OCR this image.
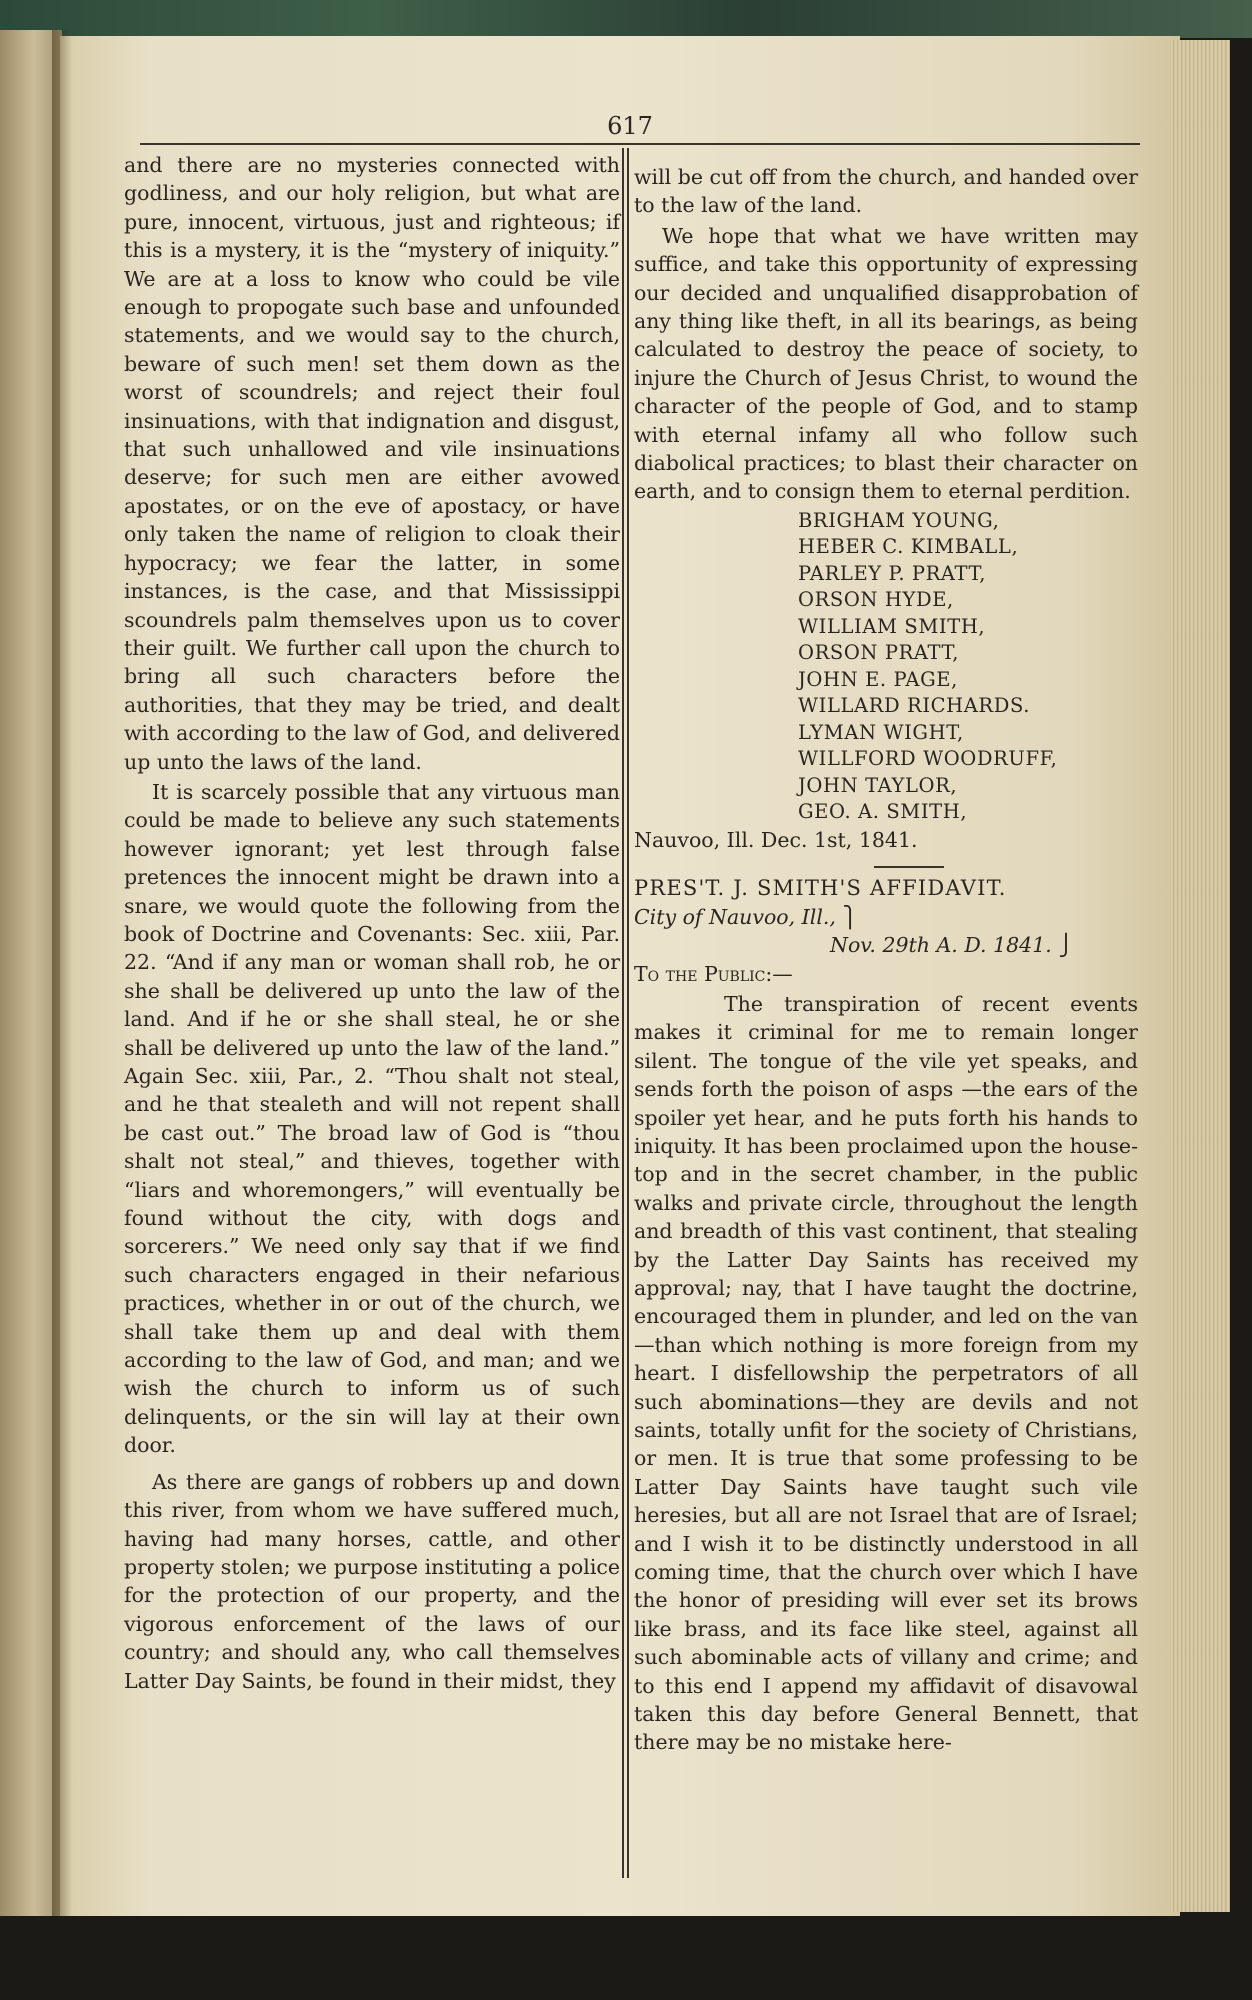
617

and there are no mysteries connected with godliness, and our holy religion, but what are pure, innocent, virtuous, just and righteous; if this is a mystery, it is the “mystery of iniquity.” We are at a loss to know who could be vile enough to propogate such base and unfounded statements, and we would say to the church, beware of such men! set them down as the worst of scoundrels; and reject their foul insinuations, with that indignation and disgust, that such unhallowed and vile insinuations deserve; for such men are either avowed apostates, or on the eve of apostacy, or have only taken the name of religion to cloak their hypocracy; we fear the latter, in some instances, is the case, and that Mississippi scoundrels palm themselves upon us to cover their guilt. We further call upon the church to bring all such characters before the authorities, that they may be tried, and dealt with according to the law of God, and delivered up unto the laws of the land.

It is scarcely possible that any virtuous man could be made to believe any such statements however ignorant; yet lest through false pretences the innocent might be drawn into a snare, we would quote the following from the book of Doctrine and Covenants: Sec. xiii, Par. 22. “And if any man or woman shall rob, he or she shall be delivered up unto the law of the land. And if he or she shall steal, he or she shall be delivered up unto the law of the land.” Again Sec. xiii, Par., 2. “Thou shalt not steal, and he that stealeth and will not repent shall be cast out.” The broad law of God is “thou shalt not steal,” and thieves, together with “liars and whoremongers,” will eventually be found without the city, with dogs and sorcerers.” We need only say that if we find such characters engaged in their nefarious practices, whether in or out of the church, we shall take them up and deal with them according to the law of God, and man; and we wish the church to inform us of such delinquents, or the sin will lay at their own door.

As there are gangs of robbers up and down this river, from whom we have suffered much, having had many horses, cattle, and other property stolen; we purpose instituting a police for the protection of our property, and the vigorous enforcement of the laws of our country; and should any, who call themselves Latter Day Saints, be found in their midst, they

will be cut off from the church, and handed over to the law of the land.

We hope that what we have written may suffice, and take this opportunity of expressing our decided and unqualified disapprobation of any thing like theft, in all its bearings, as being calculated to destroy the peace of society, to injure the Church of Jesus Christ, to wound the character of the people of God, and to stamp with eternal infamy all who follow such diabolical practices; to blast their character on earth, and to consign them to eternal perdition.

BRIGHAM YOUNG,
HEBER C. KIMBALL,
PARLEY P. PRATT,
ORSON HYDE,
WILLIAM SMITH,
ORSON PRATT,
JOHN E. PAGE,
WILLARD RICHARDS.
LYMAN WIGHT,
WILLFORD WOODRUFF,
JOHN TAYLOR,
GEO. A. SMITH,

Nauvoo, Ill. Dec. 1st, 1841.

PRES'T. J. SMITH'S AFFIDAVIT.

City of Nauvoo, Ill., ⎫

Nov. 29th A. D. 1841. ⎭

To the Public:—

The transpiration of recent events makes it criminal for me to remain longer silent. The tongue of the vile yet speaks, and sends forth the poison of asps —the ears of the spoiler yet hear, and he puts forth his hands to iniquity. It has been proclaimed upon the house-top and in the secret chamber, in the public walks and private circle, throughout the length and breadth of this vast continent, that stealing by the Latter Day Saints has received my approval; nay, that I have taught the doctrine, encouraged them in plunder, and led on the van—than which nothing is more foreign from my heart. I disfellowship the perpetrators of all such abominations—they are devils and not saints, totally unfit for the society of Christians, or men. It is true that some professing to be Latter Day Saints have taught such vile heresies, but all are not Israel that are of Israel; and I wish it to be distinctly understood in all coming time, that the church over which I have the honor of presiding will ever set its brows like brass, and its face like steel, against all such abominable acts of villany and crime; and to this end I append my affidavit of disavowal taken this day before General Bennett, that there may be no mistake here-
